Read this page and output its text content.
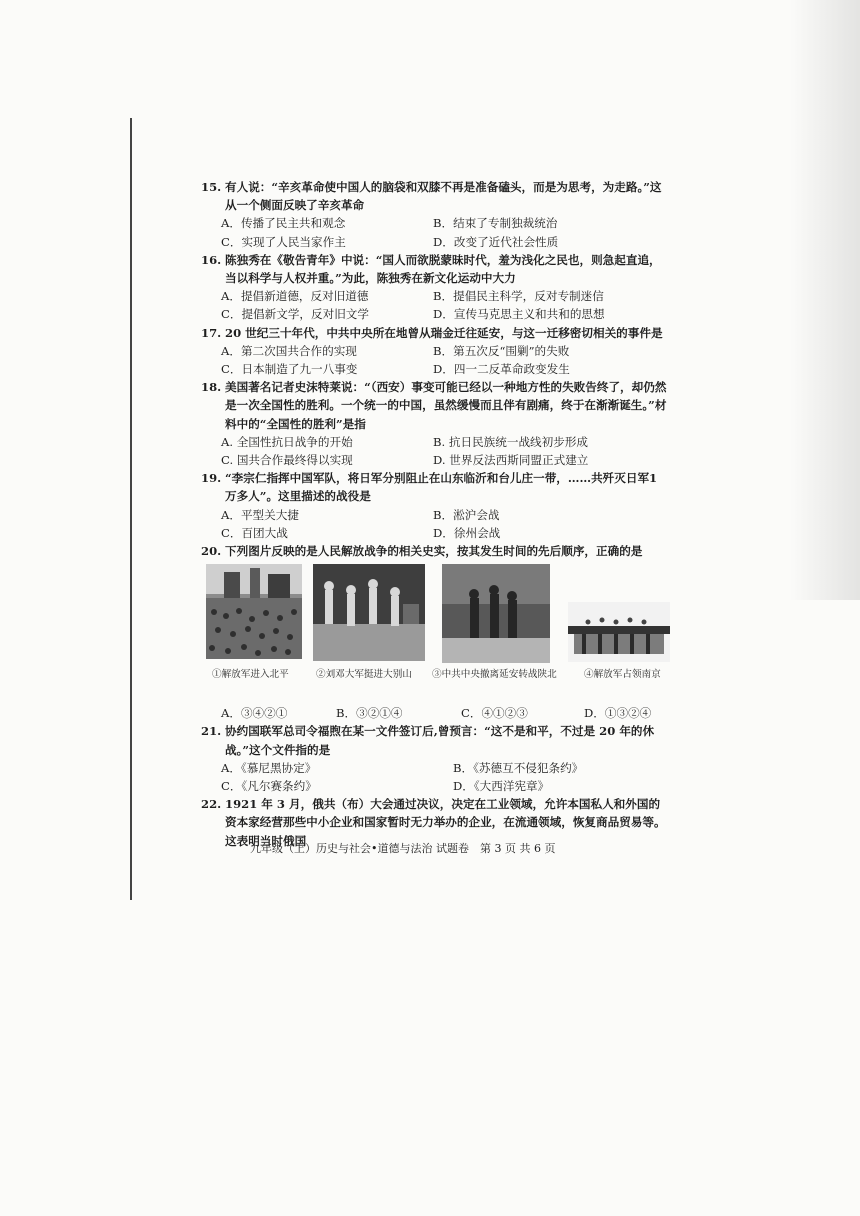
15. 有人说：“辛亥革命使中国人的脑袋和双膝不再是准备磕头，而是为思考，为走路。”这从一个侧面反映了辛亥革命
A．传播了民主共和观念	B．结束了专制独裁统治
C．实现了人民当家作主	D．改变了近代社会性质
16. 陈独秀在《敬告青年》中说：“国人而欲脱蒙昧时代，羞为浅化之民也，则急起直追，当以科学与人权并重。”为此，陈独秀在新文化运动中大力
A．提倡新道德，反对旧道德	B．提倡民主科学，反对专制迷信
C．提倡新文学，反对旧文学	D．宣传马克思主义和共和的思想
17. 20 世纪三十年代，中共中央所在地曾从瑞金迁往延安，与这一迁移密切相关的事件是
A．第二次国共合作的实现	B．第五次反“围剿”的失败
C．日本制造了九一八事变	D．四一二反革命政变发生
18. 美国著名记者史沫特莱说：“（西安）事变可能已经以一种地方性的失败告终了，却仍然是一次全国性的胜利。一个统一的中国，虽然缓慢而且伴有剧痛，终于在渐渐诞生。”材料中的“全国性的胜利”是指
A. 全国性抗日战争的开始	B. 抗日民族统一战线初步形成
C. 国共合作最终得以实现	D. 世界反法西斯同盟正式建立
19. “李宗仁指挥中国军队，将日军分别阻止在山东临沂和台儿庄一带，……共歼灭日军1 万多人”。这里描述的战役是
A．平型关大捷	B．淞沪会战
C．百团大战	D．徐州会战
20. 下列图片反映的是人民解放战争的相关史实，按其发生时间的先后顺序，正确的是
A．③④②①	B．③②①④	C．④①②③	D．①③②④
21. 协约国联军总司令福煦在某一文件签订后,曾预言：“这不是和平，不过是 20 年的休战。”这个文件指的是
A．《慕尼黑协定》	B．《苏德互不侵犯条约》
C．《凡尔赛条约》	D．《大西洋宪章》
22. 1921 年 3 月，俄共（布）大会通过决议，决定在工业领域，允许本国私人和外国的资本家经营那些中小企业和国家暂时无力举办的企业，在流通领域，恢复商品贸易等。　这表明当时俄国
①解放军进入北平	②刘邓大军挺进大别山 ③中共中央撤离延安转战陕北	④解放军占领南京
九年级（上）历史与社会•道德与法治 试题卷　第 3 页 共 6 页
